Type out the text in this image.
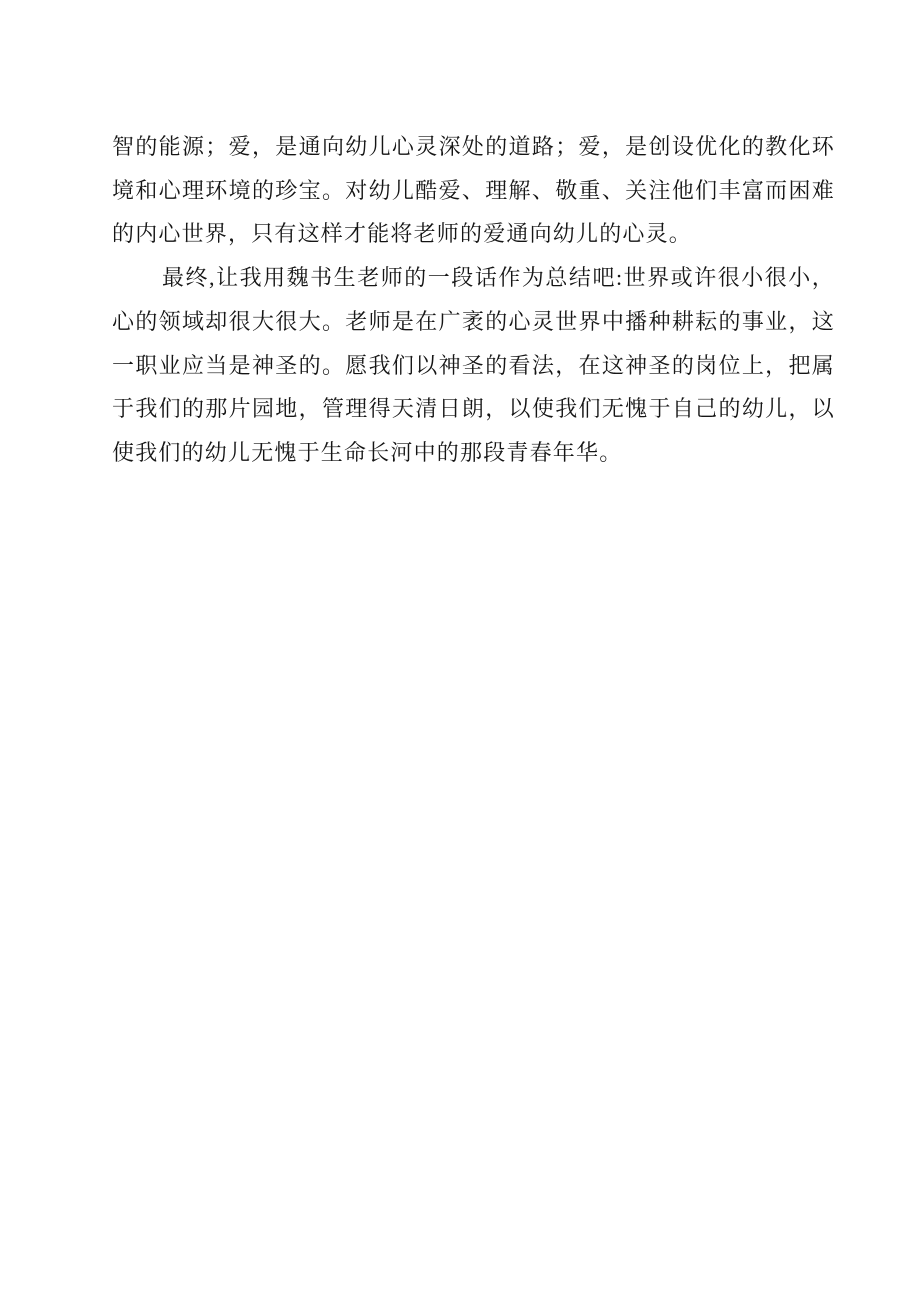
智的能源；爱，是通向幼儿心灵深处的道路；爱，是创设优化的教化环
境和心理环境的珍宝。对幼儿酷爱、理解、敬重、关注他们丰富而困难
的内心世界，只有这样才能将老师的爱通向幼儿的心灵。
最终,让我用魏书生老师的一段话作为总结吧:世界或许很小很小，
心的领域却很大很大。老师是在广袤的心灵世界中播种耕耘的事业，这
一职业应当是神圣的。愿我们以神圣的看法，在这神圣的岗位上，把属
于我们的那片园地，管理得天清日朗，以使我们无愧于自己的幼儿，以
使我们的幼儿无愧于生命长河中的那段青春年华。
